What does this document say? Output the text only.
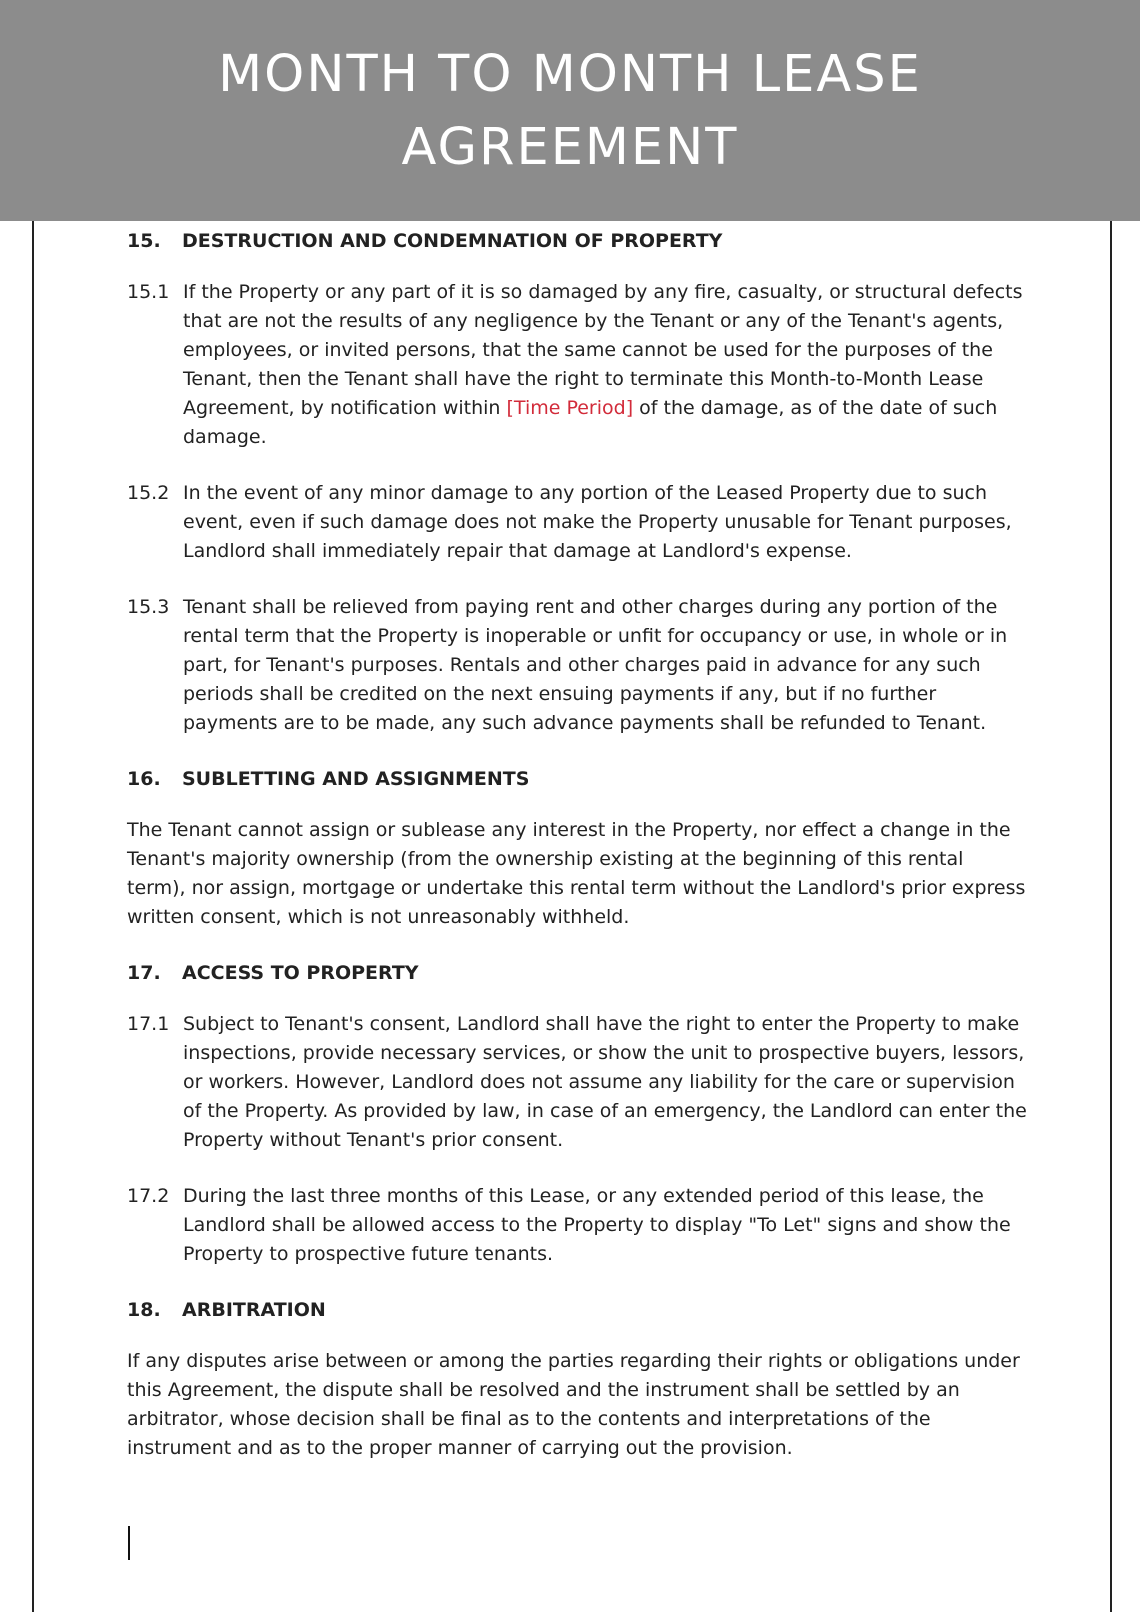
MONTH TO MONTH LEASE
AGREEMENT
15. DESTRUCTION AND CONDEMNATION OF PROPERTY

15.1 If the Property or any part of it is so damaged by any fire, casualty, or structural defects that are not the results of any negligence by the Tenant or any of the Tenant's agents, employees, or invited persons, that the same cannot be used for the purposes of the Tenant, then the Tenant shall have the right to terminate this Month-to-Month Lease Agreement, by notification within [Time Period] of the damage, as of the date of such damage.

15.2 In the event of any minor damage to any portion of the Leased Property due to such event, even if such damage does not make the Property unusable for Tenant purposes, Landlord shall immediately repair that damage at Landlord's expense.

15.3 Tenant shall be relieved from paying rent and other charges during any portion of the rental term that the Property is inoperable or unfit for occupancy or use, in whole or in part, for Tenant's purposes. Rentals and other charges paid in advance for any such periods shall be credited on the next ensuing payments if any, but if no further payments are to be made, any such advance payments shall be refunded to Tenant.

16. SUBLETTING AND ASSIGNMENTS

The Tenant cannot assign or sublease any interest in the Property, nor effect a change in the Tenant's majority ownership (from the ownership existing at the beginning of this rental term), nor assign, mortgage or undertake this rental term without the Landlord's prior express written consent, which is not unreasonably withheld.

17. ACCESS TO PROPERTY

17.1 Subject to Tenant's consent, Landlord shall have the right to enter the Property to make inspections, provide necessary services, or show the unit to prospective buyers, lessors, or workers. However, Landlord does not assume any liability for the care or supervision of the Property. As provided by law, in case of an emergency, the Landlord can enter the Property without Tenant's prior consent.

17.2 During the last three months of this Lease, or any extended period of this lease, the Landlord shall be allowed access to the Property to display "To Let" signs and show the Property to prospective future tenants.

18. ARBITRATION

If any disputes arise between or among the parties regarding their rights or obligations under this Agreement, the dispute shall be resolved and the instrument shall be settled by an arbitrator, whose decision shall be final as to the contents and interpretations of the instrument and as to the proper manner of carrying out the provision.
